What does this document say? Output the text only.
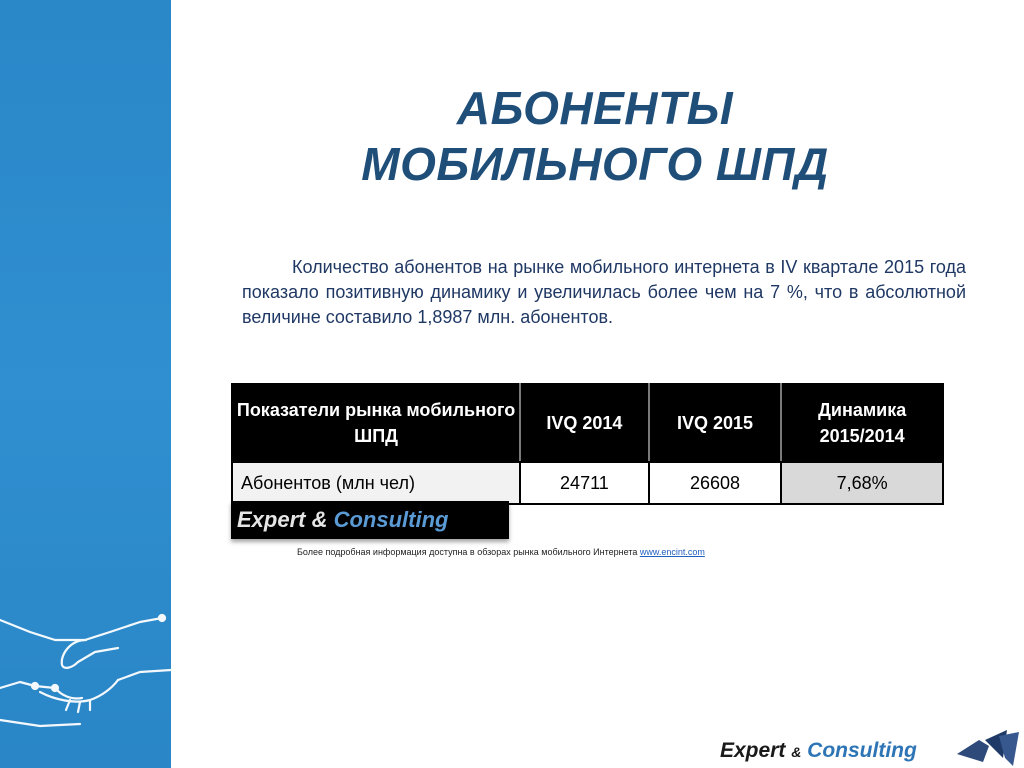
АБОНЕНТЫ
МОБИЛЬНОГО ШПД
Количество абонентов на рынке мобильного интернета в IV квартале 2015 года показало позитивную динамику и увеличилась более чем на 7 %, что в абсолютной величине составило 1,8987 млн. абонентов.
Показатели рынка мобильного ШПД	IVQ 2014	IVQ 2015	Динамика 2015/2014
Абонентов (млн чел)	24711	26608	7,68%
Expert & Consulting
Более подробная информация доступна в обзорах рынка мобильного Интернета www.encint.com
Expert & Consulting
